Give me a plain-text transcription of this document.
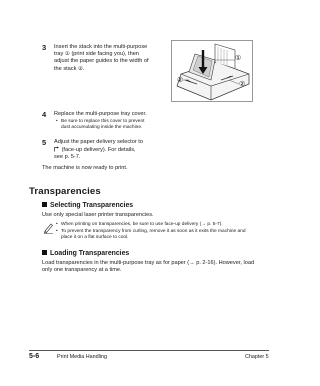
3 Insert the stack into the multi-purpose
tray ① (print side facing you), then
adjust the paper guides to the width of
the stack ②.
①
②
②
4 Replace the multi-purpose tray cover.
• Be sure to replace this cover to prevent
dust accumulating inside the machine.
5 Adjust the paper delivery selector to
(face-up delivery). For details,
see p. 5-7.
The machine is now ready to print.
Transparencies
Selecting Transparencies
Use only special laser printer transparencies.
• When printing on transparencies, be sure to use face-up delivery (→ p. 5-7).
• To prevent the transparency from curling, remove it as soon as it exits the machine and
place it on a flat surface to cool.
Loading Transparencies
Load transparencies in the multi-purpose tray as for paper (→ p. 2-16). However, load
only one transparency at a time.
5-6	Print Media Handling	Chapter 5
